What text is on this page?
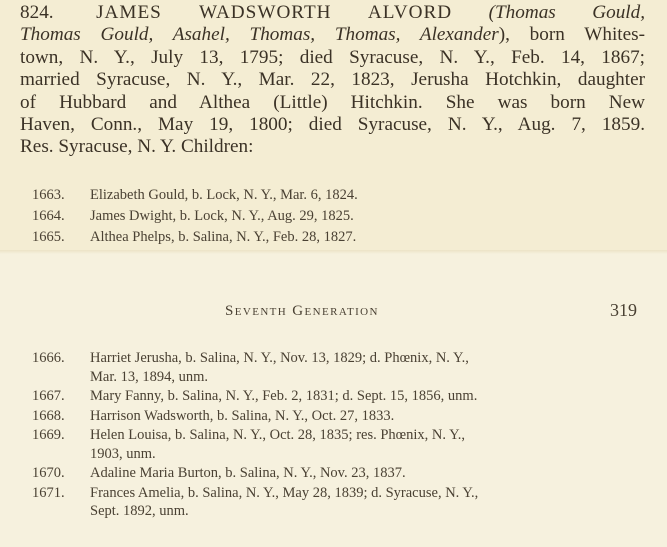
824. JAMES WADSWORTH ALVORD (Thomas Gould,
Thomas Gould, Asahel, Thomas, Thomas, Alexander), born Whites-
town, N. Y., July 13, 1795; died Syracuse, N. Y., Feb. 14, 1867;
married Syracuse, N. Y., Mar. 22, 1823, Jerusha Hotchkin, daughter
of Hubbard and Althea (Little) Hitchkin. She was born New
Haven, Conn., May 19, 1800; died Syracuse, N. Y., Aug. 7, 1859.
Res. Syracuse, N. Y. Children:
1663. Elizabeth Gould, b. Lock, N. Y., Mar. 6, 1824.
1664. James Dwight, b. Lock, N. Y., Aug. 29, 1825.
1665. Althea Phelps, b. Salina, N. Y., Feb. 28, 1827.
Seventh Generation	319
1666. Harriet Jerusha, b. Salina, N. Y., Nov. 13, 1829; d. Phœnix, N. Y.,
Mar. 13, 1894, unm.
1667. Mary Fanny, b. Salina, N. Y., Feb. 2, 1831; d. Sept. 15, 1856, unm.
1668. Harrison Wadsworth, b. Salina, N. Y., Oct. 27, 1833.
1669. Helen Louisa, b. Salina, N. Y., Oct. 28, 1835; res. Phœnix, N. Y.,
1903, unm.
1670. Adaline Maria Burton, b. Salina, N. Y., Nov. 23, 1837.
1671. Frances Amelia, b. Salina, N. Y., May 28, 1839; d. Syracuse, N. Y.,
Sept. 1892, unm.
